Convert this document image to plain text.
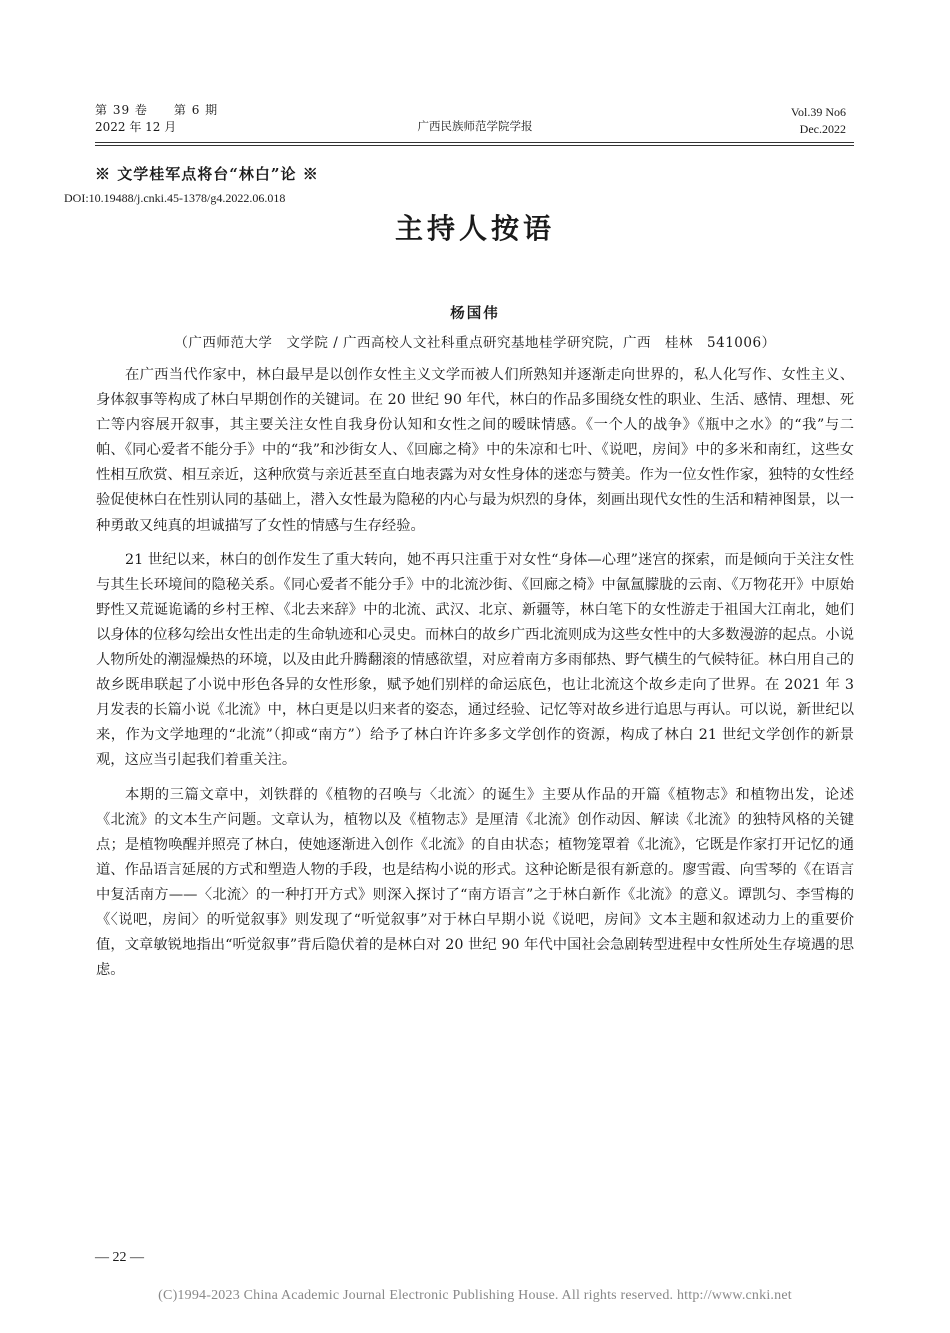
第 39 卷　　第 6 期
2022 年 12 月	广西民族师范学院学报
Vol.39 No6
Dec.2022
※ 文学桂军点将台“林白”论 ※
DOI:10.19488/j.cnki.45-1378/g4.2022.06.018
主持人按语
杨国伟
（广西师范大学　文学院 / 广西高校人文社科重点研究基地桂学研究院，广西　桂林　541006）

在广西当代作家中，林白最早是以创作女性主义文学而被人们所熟知并逐渐走向世界的，私人化写作、女性主义、身体叙事等构成了林白早期创作的关键词。在 20 世纪 90 年代，林白的作品多围绕女性的职业、生活、感情、理想、死亡等内容展开叙事，其主要关注女性自我身份认知和女性之间的暧昧情感。《一个人的战争》《瓶中之水》的“我”与二帕、《同心爱者不能分手》中的“我”和沙街女人、《回廊之椅》中的朱凉和七叶、《说吧，房间》中的多米和南红，这些女性相互欣赏、相互亲近，这种欣赏与亲近甚至直白地表露为对女性身体的迷恋与赞美。作为一位女性作家，独特的女性经验促使林白在性别认同的基础上，潜入女性最为隐秘的内心与最为炽烈的身体，刻画出现代女性的生活和精神图景，以一种勇敢又纯真的坦诚描写了女性的情感与生存经验。

21 世纪以来，林白的创作发生了重大转向，她不再只注重于对女性“身体—心理”迷宫的探索，而是倾向于关注女性与其生长环境间的隐秘关系。《同心爱者不能分手》中的北流沙街、《回廊之椅》中氤氲朦胧的云南、《万物花开》中原始野性又荒诞诡谲的乡村王榨、《北去来辞》中的北流、武汉、北京、新疆等，林白笔下的女性游走于祖国大江南北，她们以身体的位移勾绘出女性出走的生命轨迹和心灵史。而林白的故乡广西北流则成为这些女性中的大多数漫游的起点。小说人物所处的潮湿燥热的环境，以及由此升腾翻滚的情感欲望，对应着南方多雨郁热、野气横生的气候特征。林白用自己的故乡既串联起了小说中形色各异的女性形象，赋予她们别样的命运底色，也让北流这个故乡走向了世界。在 2021 年 3 月发表的长篇小说《北流》中，林白更是以归来者的姿态，通过经验、记忆等对故乡进行追思与再认。可以说，新世纪以来，作为文学地理的“北流”（抑或“南方”）给予了林白许许多多文学创作的资源，构成了林白 21 世纪文学创作的新景观，这应当引起我们着重关注。

本期的三篇文章中，刘铁群的《植物的召唤与〈北流〉的诞生》主要从作品的开篇《植物志》和植物出发，论述《北流》的文本生产问题。文章认为，植物以及《植物志》是厘清《北流》创作动因、解读《北流》的独特风格的关键点；是植物唤醒并照亮了林白，使她逐渐进入创作《北流》的自由状态；植物笼罩着《北流》，它既是作家打开记忆的通道、作品语言延展的方式和塑造人物的手段，也是结构小说的形式。这种论断是很有新意的。廖雪霞、向雪琴的《在语言中复活南方——〈北流〉的一种打开方式》则深入探讨了“南方语言”之于林白新作《北流》的意义。谭凯匀、李雪梅的《〈说吧，房间〉的听觉叙事》则发现了“听觉叙事”对于林白早期小说《说吧，房间》文本主题和叙述动力上的重要价值，文章敏锐地指出“听觉叙事”背后隐伏着的是林白对 20 世纪 90 年代中国社会急剧转型进程中女性所处生存境遇的思虑。

— 22 —
(C)1994-2023 China Academic Journal Electronic Publishing House. All rights reserved. http://www.cnki.net
